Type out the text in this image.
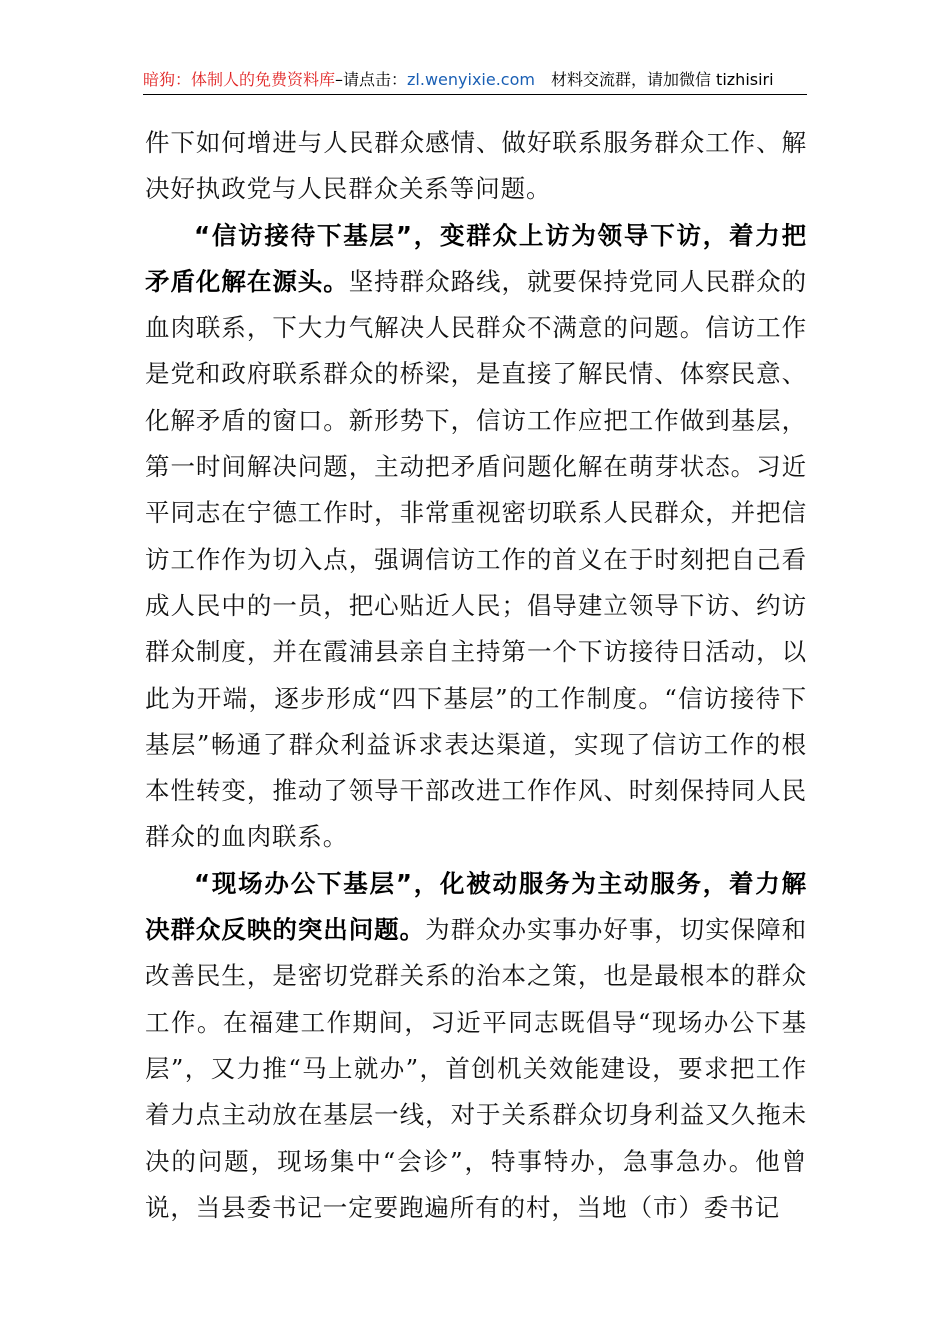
暗狗：体制人的免费资料库–请点击：zl.wenyixie.com 材料交流群，请加微信 tizhisiri

件下如何增进与人民群众感情、做好联系服务群众工作、解决好执政党与人民群众关系等问题。

“信访接待下基层”，变群众上访为领导下访，着力把矛盾化解在源头。坚持群众路线，就要保持党同人民群众的血肉联系，下大力气解决人民群众不满意的问题。信访工作是党和政府联系群众的桥梁，是直接了解民情、体察民意、化解矛盾的窗口。新形势下，信访工作应把工作做到基层，第一时间解决问题，主动把矛盾问题化解在萌芽状态。习近平同志在宁德工作时，非常重视密切联系人民群众，并把信访工作作为切入点，强调信访工作的首义在于时刻把自己看成人民中的一员，把心贴近人民；倡导建立领导下访、约访群众制度，并在霞浦县亲自主持第一个下访接待日活动，以此为开端，逐步形成“四下基层”的工作制度。“信访接待下基层”畅通了群众利益诉求表达渠道，实现了信访工作的根本性转变，推动了领导干部改进工作作风、时刻保持同人民群众的血肉联系。

“现场办公下基层”，化被动服务为主动服务，着力解决群众反映的突出问题。为群众办实事办好事，切实保障和改善民生，是密切党群关系的治本之策，也是最根本的群众工作。在福建工作期间，习近平同志既倡导“现场办公下基层”，又力推“马上就办”，首创机关效能建设，要求把工作着力点主动放在基层一线，对于关系群众切身利益又久拖未决的问题，现场集中“会诊”，特事特办，急事急办。他曾说，当县委书记一定要跑遍所有的村，当地（市）委书记
